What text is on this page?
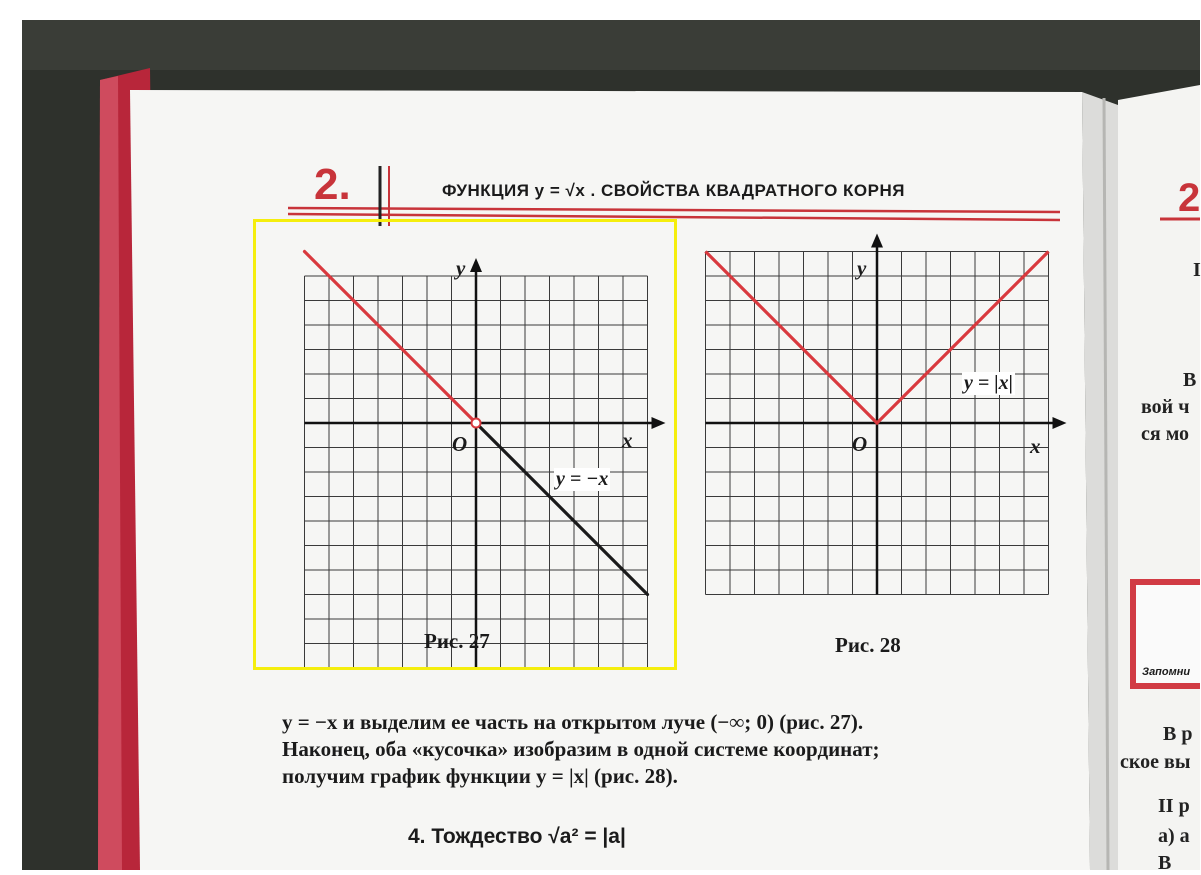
2.	ФУНКЦИЯ y = √x . СВОЙСТВА КВАДРАТНОГО КОРНЯ
y
x
O
y = −x
Рис. 27
y
x
O
y = |x|
Рис. 28
y = −x и выделим ее часть на открытом луче (−∞; 0) (рис. 27).
Наконец, оба «кусочка» изобразим в одной системе координат;
получим график функции y = |x| (рис. 28).
4. Тождество √a² = |a|
2
I
В
вой ч
ся мо
В р
ское вы
II р
а) a
В
Запомни
